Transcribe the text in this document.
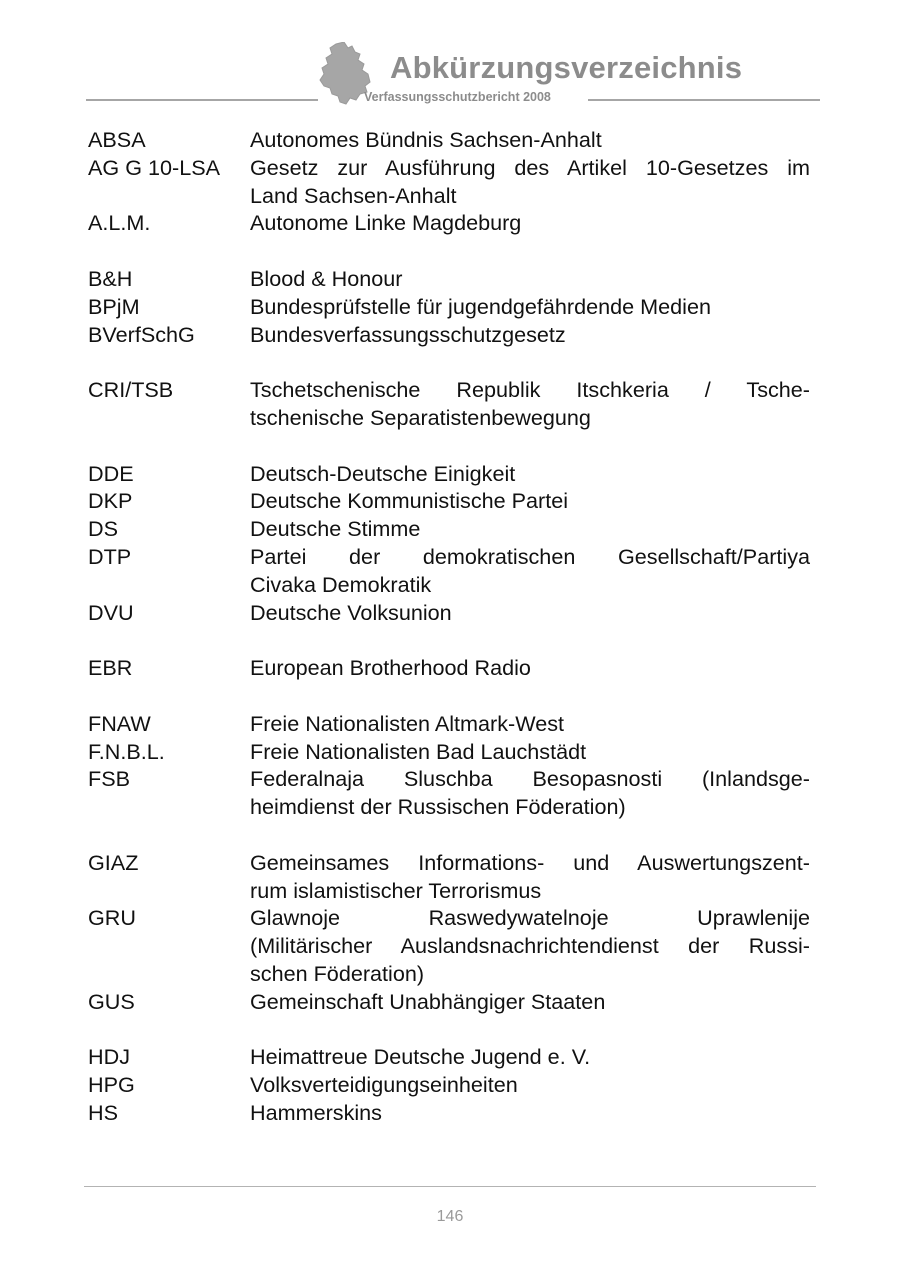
Abkürzungsverzeichnis
Verfassungsschutzbericht 2008
ABSA	Autonomes Bündnis Sachsen-Anhalt
AG G 10-LSA	Gesetz zur Ausführung des Artikel 10-Gesetzes im
Land Sachsen-Anhalt
A.L.M.	Autonome Linke Magdeburg
B&H	Blood & Honour
BPjM	Bundesprüfstelle für jugendgefährdende Medien
BVerfSchG	Bundesverfassungsschutzgesetz
CRI/TSB	Tschetschenische Republik Itschkeria / Tsche-
tschenische Separatistenbewegung
DDE	Deutsch-Deutsche Einigkeit
DKP	Deutsche Kommunistische Partei
DS	Deutsche Stimme
DTP	Partei der demokratischen Gesellschaft/Partiya
Civaka Demokratik
DVU	Deutsche Volksunion
EBR	European Brotherhood Radio
FNAW	Freie Nationalisten Altmark-West
F.N.B.L.	Freie Nationalisten Bad Lauchstädt
FSB	Federalnaja Sluschba Besopasnosti (Inlandsge-
heimdienst der Russischen Föderation)
GIAZ	Gemeinsames Informations- und Auswertungszent-
rum islamistischer Terrorismus
GRU	Glawnoje Raswedywatelnoje Uprawlenije
(Militärischer Auslandsnachrichtendienst der Russi-
schen Föderation)
GUS	Gemeinschaft Unabhängiger Staaten
HDJ	Heimattreue Deutsche Jugend e. V.
HPG	Volksverteidigungseinheiten
HS	Hammerskins
146
